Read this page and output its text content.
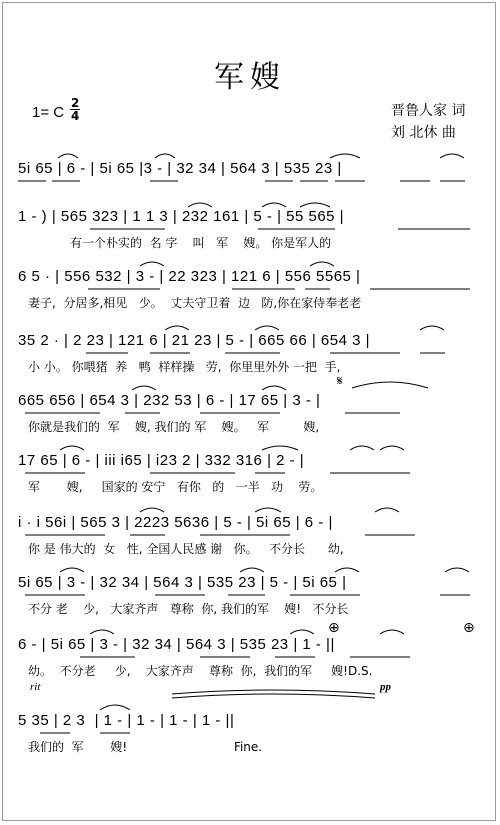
军嫂
1= C $\frac{2}{4}$	晋鲁人家 词
刘 北休 曲
5i 65 | 6 - | 5i 65 |3 - | 32 34 | 564 3 | 535 23 |
1 - ) | 565 323 | 1 1 3 | 232 161 | 5 - | 55 565 |
有一个朴实的  名 字    叫   军    嫂。 你是军人的
6 5 · | 556 532 | 3 - | 22 323 | 121 6 | 556 5565 |
妻子,  分居多,相见   少。  丈夫守卫着  边   防,你在家侍奉老老
35 2 · | 2 23 | 121 6 | 21 23 | 5 - | 665 66 | 654 3 |
小 小。 你喂猪  养   鸭  样样操   劳,  你里里外外 一把  手,
665 656 | 654 3 | 232 53 | 6 - | 17 65 | 3 - |
你就是我们的  军    嫂, 我们的 军    嫂。   军         嫂,
17 65 | 6 - | iii i65 | i23 2 | 332 316 | 2 - |
军       嫂,     国家的 安宁   有你   的   一半   功    劳。
i · i 56i | 565 3 | 2223 5636 | 5 - | 5i 65 | 6 - |
你 是 伟大的  女   性, 全国人民感 谢   你。   不分长      幼,
5i 65 | 3 - | 32 34 | 564 3 | 535 23 | 5 - | 5i 65 |
不分 老    少,   大家齐声   尊称  你, 我们的军    嫂!   不分长
6 - | 5i 65 | 3 - | 32 34 | 564 3 | 535 23 | 1 - ||
幼。  不分老     少,    大家齐声    尊称  你,  我们的军     嫂!D.S.
5 35 | 2 3  | 1 - | 1 - | 1 - | 1 - ||
我们的  军       嫂!                            Fine.
rit	pp
𝄋
⊕	⊕
